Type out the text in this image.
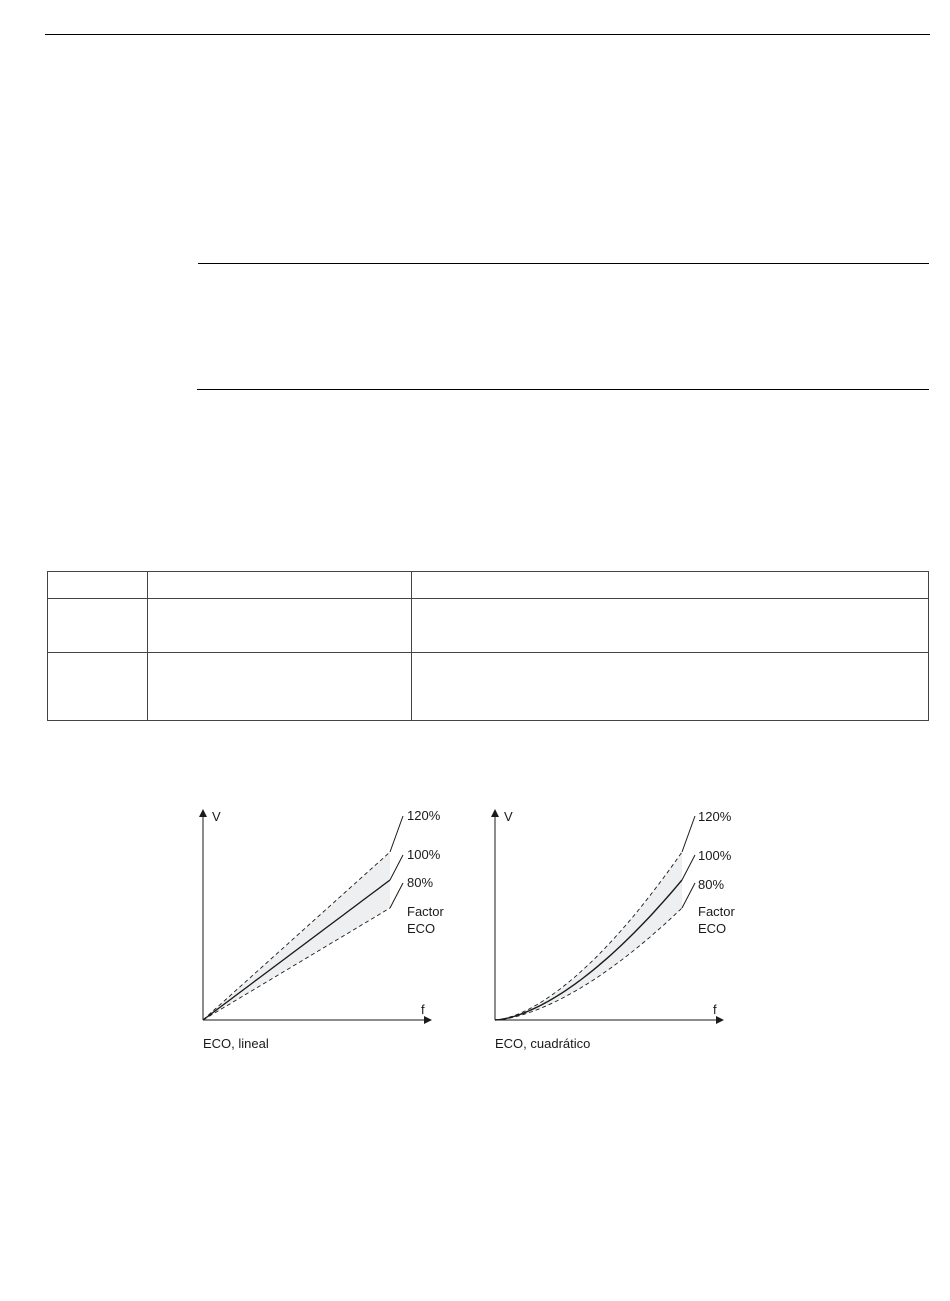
V
f
120%
100%
80%
Factor
ECO
ECO, lineal
V
f
120%
100%
80%
Factor
ECO
ECO, cuadrático
